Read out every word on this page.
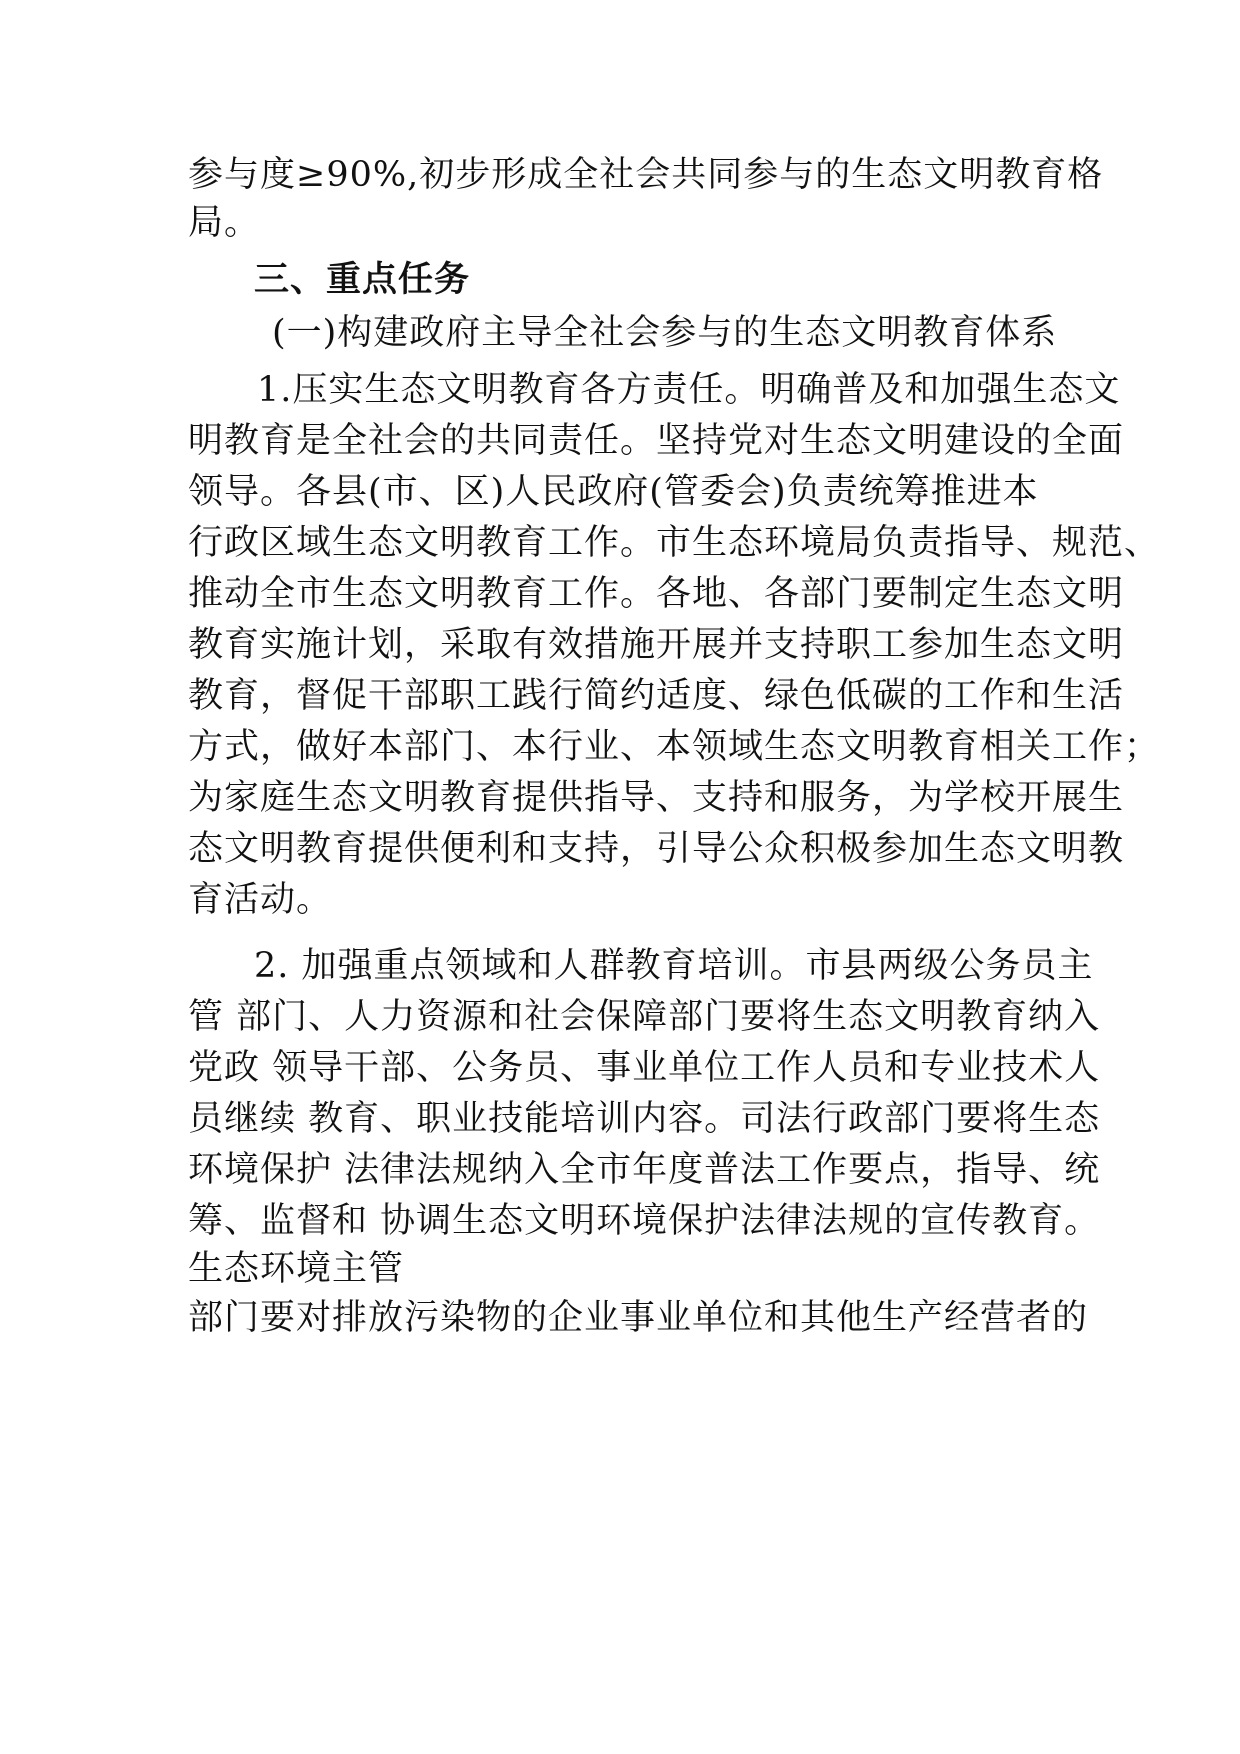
参与度≥90%,初步形成全社会共同参与的生态文明教育格
局。
三、重点任务
(一)构建政府主导全社会参与的生态文明教育体系
1.压实生态文明教育各方责任。明确普及和加强生态文
明教育是全社会的共同责任。坚持党对生态文明建设的全面
领导。各县(市、区)人民政府(管委会)负责统筹推进本
行政区域生态文明教育工作。市生态环境局负责指导、规范、
推动全市生态文明教育工作。各地、各部门要制定生态文明
教育实施计划，采取有效措施开展并支持职工参加生态文明
教育，督促干部职工践行简约适度、绿色低碳的工作和生活
方式，做好本部门、本行业、本领域生态文明教育相关工作；
为家庭生态文明教育提供指导、支持和服务，为学校开展生
态文明教育提供便利和支持，引导公众积极参加生态文明教
育活动。
2. 加强重点领域和人群教育培训。市县两级公务员主
管 部门、人力资源和社会保障部门要将生态文明教育纳入
党政 领导干部、公务员、事业单位工作人员和专业技术人
员继续 教育、职业技能培训内容。司法行政部门要将生态
环境保护 法律法规纳入全市年度普法工作要点，指导、统
筹、监督和 协调生态文明环境保护法律法规的宣传教育。
生态环境主管
部门要对排放污染物的企业事业单位和其他生产经营者的
